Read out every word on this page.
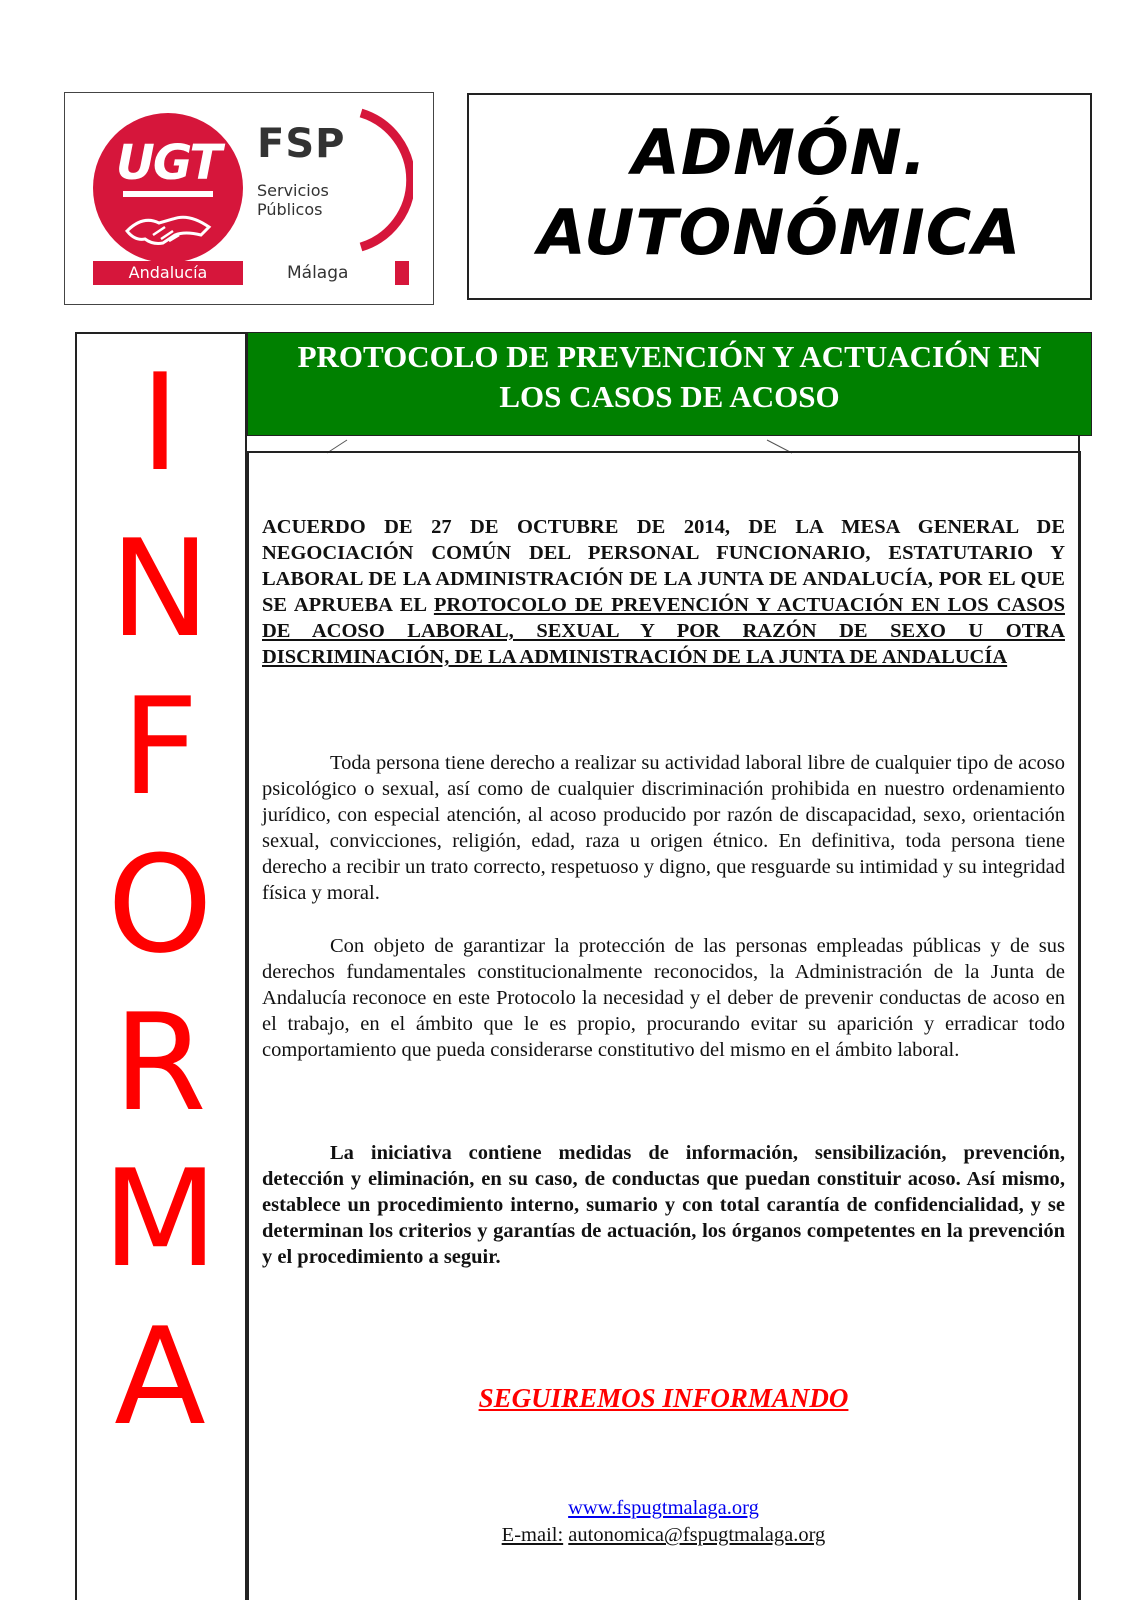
UGT FSP
Servicios
Públicos
Andalucía	Málaga
ADMÓN.
AUTONÓMICA
I
N
F
O
R
M
A
PROTOCOLO DE PREVENCIÓN Y ACTUACIÓN EN
LOS CASOS DE ACOSO
ACUERDO DE 27 DE OCTUBRE DE 2014, DE LA MESA GENERAL DE NEGOCIACIÓN COMÚN DEL PERSONAL FUNCIONARIO, ESTATUTARIO Y LABORAL DE LA ADMINISTRACIÓN DE LA JUNTA DE ANDALUCÍA, POR EL QUE SE APRUEBA EL PROTOCOLO DE PREVENCIÓN Y ACTUACIÓN EN LOS CASOS DE ACOSO LABORAL, SEXUAL Y POR RAZÓN DE SEXO U OTRA DISCRIMINACIÓN, DE LA ADMINISTRACIÓN DE LA JUNTA DE ANDALUCÍA
Toda persona tiene derecho a realizar su actividad laboral libre de cualquier tipo de acoso psicológico o sexual, así como de cualquier discriminación prohibida en nuestro ordenamiento jurídico, con especial atención, al acoso producido por razón de discapacidad, sexo, orientación sexual, convicciones, religión, edad, raza u origen étnico. En definitiva, toda persona tiene derecho a recibir un trato correcto, respetuoso y digno, que resguarde su intimidad y su integridad física y moral.
Con objeto de garantizar la protección de las personas empleadas públicas y de sus derechos fundamentales constitucionalmente reconocidos, la Administración de la Junta de Andalucía reconoce en este Protocolo la necesidad y el deber de prevenir conductas de acoso en el trabajo, en el ámbito que le es propio, procurando evitar su aparición y erradicar todo comportamiento que pueda considerarse constitutivo del mismo en el ámbito laboral.
La iniciativa contiene medidas de información, sensibilización, prevención, detección y eliminación, en su caso, de conductas que puedan constituir acoso. Así mismo, establece un procedimiento interno, sumario y con total carantía de confidencialidad, y se determinan los criterios y garantías de actuación, los órganos competentes en la prevención y el procedimiento a seguir.
SEGUIREMOS INFORMANDO
www.fspugtmalaga.org
E-mail: autonomica@fspugtmalaga.org
